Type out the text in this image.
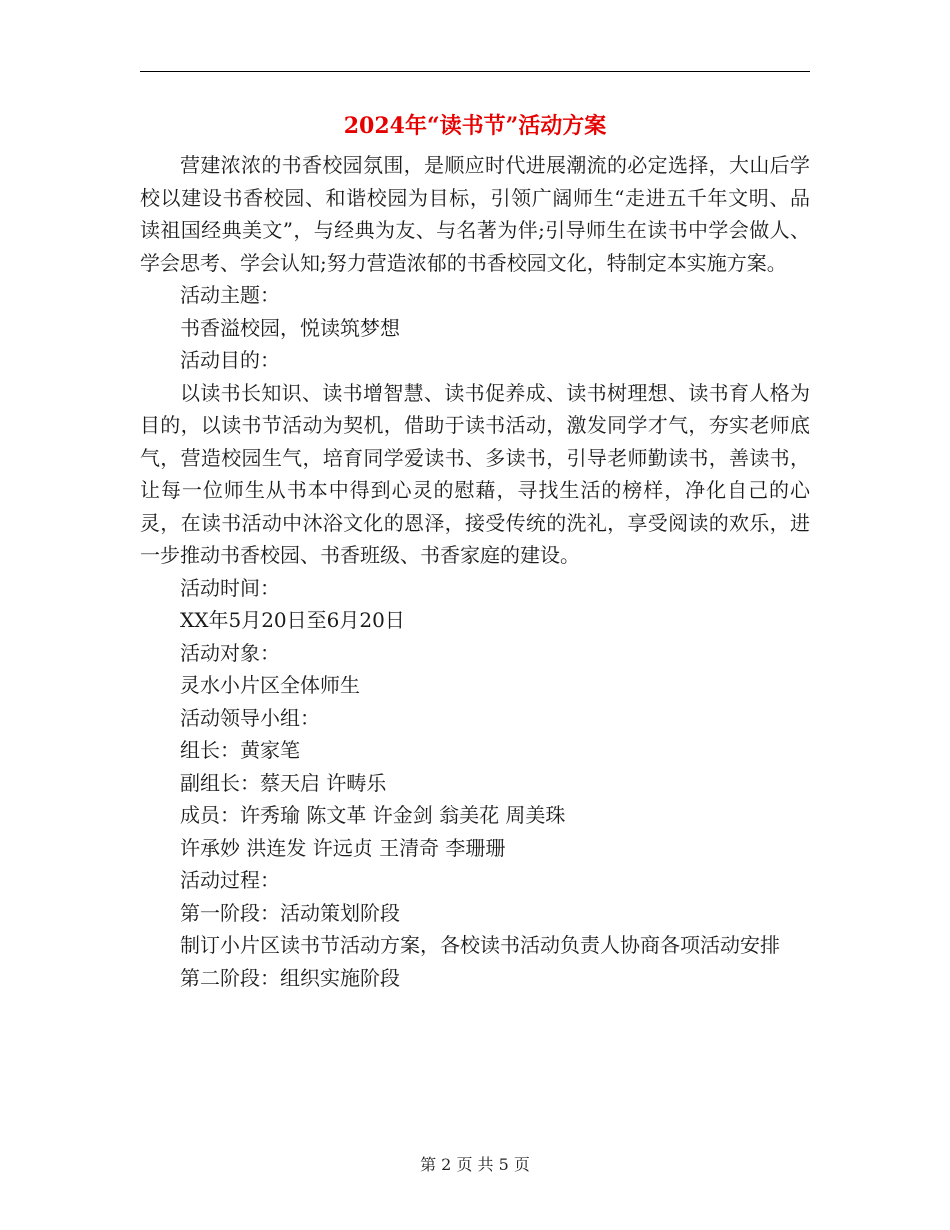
2024年“读书节”活动方案

营建浓浓的书香校园氛围，是顺应时代进展潮流的必定选择，大山后学校以建设书香校园、和谐校园为目标，引领广阔师生“走进五千年文明、品读祖国经典美文”，与经典为友、与名著为伴;引导师生在读书中学会做人、学会思考、学会认知;努力营造浓郁的书香校园文化，特制定本实施方案。

活动主题：

书香溢校园，悦读筑梦想

活动目的：

以读书长知识、读书增智慧、读书促养成、读书树理想、读书育人格为目的，以读书节活动为契机，借助于读书活动，激发同学才气，夯实老师底气，营造校园生气，培育同学爱读书、多读书，引导老师勤读书，善读书，让每一位师生从书本中得到心灵的慰藉，寻找生活的榜样，净化自己的心灵，在读书活动中沐浴文化的恩泽，接受传统的洗礼，享受阅读的欢乐，进一步推动书香校园、书香班级、书香家庭的建设。

活动时间：

XX年5月20日至6月20日

活动对象：

灵水小片区全体师生

活动领导小组：

组长：黄家笔

副组长：蔡天启 许畴乐

成员：许秀瑜 陈文革 许金剑 翁美花 周美珠

许承妙 洪连发 许远贞 王清奇 李珊珊

活动过程：

第一阶段：活动策划阶段

制订小片区读书节活动方案，各校读书活动负责人协商各项活动安排

第二阶段：组织实施阶段

第 2 页 共 5 页
